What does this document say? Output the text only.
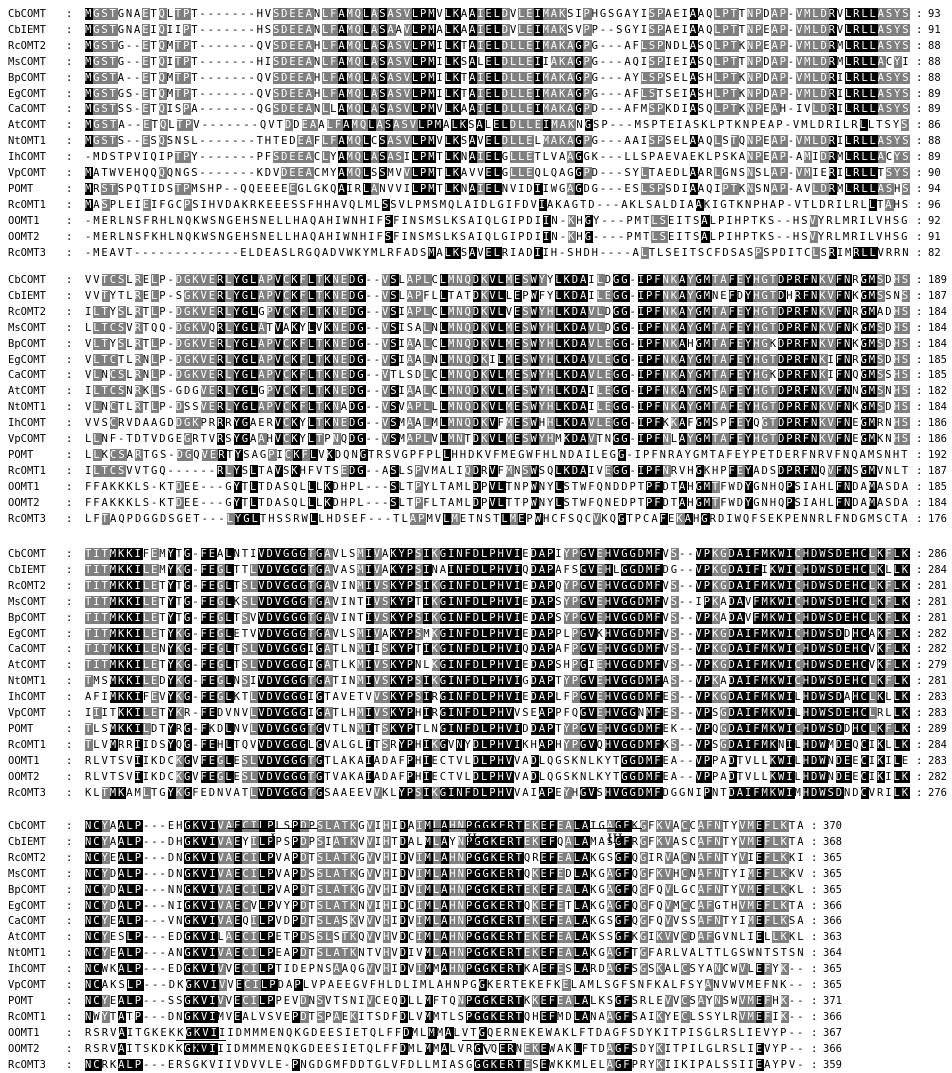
CbCOMT	: MGSTGNAETQLTPT-------HVSDEEANLFAMQLASASVLPMVLKAAIELDVLEIMAKSIPHGSGAYISPAEIAAQLPTTNPDAP-VMLDRVLRLLASYS : 93
CbIEMT	: MGSTGNAEIQIIPT-------HSSDEEANLFAMQLASAAVLPMALKAAIELDVLEIMAKSVPP--SGYISPAEIAAQLPTTNPEAP-VMLDRVLRLLASYS : 91
RcOMT2	: MGSTG--ETQMTPT-------QVSDEEAHLFAMQLASASVLPMILKTAIELDLLEIMAKAGPG---AFLSPNDLASQLPTKNPEAP-VMLDRMLRLLASYS : 88
MsCOMT	: MGSTG--ETQITPT-------HISDEEANLFAMQLASASVLPMILKSALELDLLEIIAKAGPG---AQISPIEIASQLPTTNPDAP-VMLDRMLRLLACYI : 88
BpCOMT	: MGSTA--ETQMTPT-------QVSDEEAHLFAMQLASASVLPMILKTAIELDLLEIMAKAGPG---AYLSPSELASHLPTKNPDAP-VMLDRILRLLASYS : 88
EgCOMT	: MGSTGS-ETQMTPT-------QVSDEEAHLFAMQLASASVLPMILKTAIELDLLEIMAKAGPG---AFLSTSEIASHLPTKNPDAP-VMLDRILRLLASYS : 89
CaCOMT	: MGSTSS-ETQISPA-------QGSDEEANLLAMQLASASVLPMVLKAAIELDLLEIMAKAGPD---AFMSPKDIASQLPTKNPEAH-IVLDRILRLLASYS : 89
AtCOMT	: MGSTA--ETQLTPV-------QVTDDEAALFAMQLASASVLPMALKSALELDLLEIMAKNGSP---MSPTEIASKLPTKNPEAP-VMLDRILRLLTSYS : 86
NtOMT1	: MGSTS--ESQSNSL-------THTEDEAFLFAMQLCSASVLPMVLKSAVELDLLELMAKAGPG---AAISPSELAAQLSTQNPEAP-VMLDRILRLLASYS : 88
IhCOMT	: -MDSTPVIQIPTPY-------PFSDEEACLYAMQLASASILPMTLKNAIELGLLETLVAAGGK---LLSPAEVAEKLPSKANPEAP-AMIDRMLRLLACYS : 89
VpCOMT	: MATWVEHQQQQNGS-------KDVDEEACMYAMQLSSMVVLPMTLKAVVELGLLEQLQAGGPD---SYLTAEDLAARLGNSNSLAP-VMIERILRLLTSYS : 90
POMT	: MRSTSPQTIDSTPMSHP--QQEEEEEGLGKQAIRLANVVILPMTLKNAIELNVIDIIWGAGDG---ESLSPSDIAAQIPTKNSNAP-AVLDRMLRLLASHS : 94
RcOMT1	: MASPLEIEIFGCPSIHVDAKRKEEESSFHHAVQLMLSSVLPMSMQLAIDLGIFDVIAKAGTD---AKLSALDIAAKIGTKNPHAP-VTLDRILRLLTAHS : 96
OOMT1	: -MERLNSFRHLNQKWSNGEHSNELLHAQAHIWNHIFSFINSMSLKSAIQLGIPDIIN-KHGY---PMTLSEITSALPIHPTKS--HSVYRLMRILVHSG : 92
OOMT2	: -MERLNSFKHLNQKWSNGEHSNELLHAQAHIWNHIFSFINSMSLKSAIQLGIPDIIN-KHG----PMTLSEITSALPIHPTKS--HSVYRLMRILVHSG : 91
RcOMT3	: -MEAVT-------------ELDEASLRGQADVWKYMLRFADSMALKSAVELRIADIIH-SHDH----ALTLSEITSCFDSASPSPDITCLSRIMRLLVRRN : 82
CbCOMT	: VVTCSLRELP-DGKVERLYGLAPVCKFLTKNEDG--VSLAPLCLMNQDKVLMESWYYLKDAILDGG-IPFNKAYGMTAFEYHGTDPRFNKVFNRGMSDHS : 189
CbIEMT	: VVTYTLRELP-SGKVERLYGLAPVCKFLTKNEDG--VSLAPFLLTATDKVLLEPWFYLKDAILEGG-IPFNKAYGMNEFDYHGTDHRFNKVFNKGMSSNS : 187
RcOMT2	: ILTYSLRTLP-DGKVERLYGLGPVCKFLTKNEDG--VSIAPLCLMNQDKVLVESWYHLKDAVLDGG-IPFNKAYGMTAFEYHGTDPRFNKVFNRGMADHS : 184
MsCOMT	: LLTCSVRTQQ-DGKVQRLYGLATVAKYLVKNEDG--VSISALNLMNQDKVLMESWYHLKDAVLDGG-IPFNKAYGMTAFEYHGTDPRFNKVFNKGMSDHS : 184
BpCOMT	: VLTYSLRTLP-DGKVERLYGLAPVCKFLTKNEDG--VSIAALCLMNQDKVLMESWYHLKDAVLEGG-IPFNKAHGMTAFEYHGKDPRFNKVFNKGMSDHS : 184
EgCOMT	: VLTCTLRNLP-DGKVERLYGLAPVCKFLTKNEDG--VSIAALNLMNQDKILMESWYHLKDAVLEGG-IPFNKAYGMTAFEYHGTDPRFNKIFNRGMSDHS : 185
CaCOMT	: VLNCSLRNLP-DGKVERLYGLAPVCKFLTKNEDG--VTLSDLCLMNQDKVLMESWYHLKDAVLEGG-IPFNKAYGMTAFEYHGKDPRFNKIFNQGMSSHS : 185
AtCOMT	: ILTCSNRKLS-GDGVERLYGLGPVCKFLTKNEDG--VSIAALCLMNQDKVLMESWYHLKDAILEGG-IPFNKAYGMSAFEYHGTDPRFNKVFNNGMSNHS : 182
NtOMT1	: VLNCTLRTLP-DSSVERLYGLAPVCKFLTKNADG--VSVAPLLLMNQDKVLMESWYHLKDAILEGG-IPFNKAYGMTAFEYHGTDPRFNKVFNKGMSDHS : 184
IhCOMT	: VVSCRVDAAGDDGKPRRRYGAERVCKYLTKNEDG--VSMAALMLMNQDKVFMESWHHLKDAVLEGG-IPFKKAFGMSPFEYQGTDPRFNKVFNEGMRNHS : 186
VpCOMT	: LLNF-TDTVDGEGRTVRSYGAAHVCKYLTPNQDG--VSMAPLVLMNTDKVLMESWYHMKDAVTNGG-IPFNLAYGMTAFEYHGTDPRFNKVFNEGMKNHS : 186
POMT	: LLKCSARTGS-DGQVERTYSAGPICKFLVKDQNGTRSVGPFPLLHHDKVFMEGWFHLNDAILEGG-IPFNRAYGMTAFEYPETDERFNRVFNQAMSNHT : 192
RcOMT1	: ILTCSVVTGQ------RLYSLTAVSKHFVTSEDG--ASLSPVMALIQDRVFMNSWSQLKDAIVEGG-IPFNRVHGKHPFEYADSDPRFNQVFNSGMVNLT : 187
OOMT1	: FFAKKKLS-KTDEE---GYTLTDASQLLLKDHPL---SLTPYLTAMLDPVLTNPWNYLSTWFQNDDPTPFDTAHGMTFWDYGNHQPSIAHLFNDAMASDA : 185
OOMT2	: FFAKKKLS-KTDEE---GYTLTDASQLLLKDHPL---SLTPFLTAMLDPVLTTPWNYLSTWFQNEDPTPFDTAHGMTFWDYGNHQPSIAHLFNDAMASDA : 184
RcOMT3	: LFTAQPDGGDSGET---LYGLTHSSRWLLHDSEF---TLAPMVLMETNSTLMEPWHCFSQCVKQGTPCAFEKAHGRDIWQFSEKPENNRLFNDGMSCTA : 176
CbCOMT	: TITMKKIFEMYTG-FEALNTIVDVGGGTGAVLSMIVAKYPSIKGINFDLPHVIEDAPIYPGVEHVGGDMFVS--VPKGDAIFMKWICHDWSDEHCLKFLK : 286
CbIEMT	: TITMKKILEMYKG-FEGLTTLVDVGGGTGAVASMIVAKYPSINAINFDLPHVIQDAPAFSGVEHLGGDMFDG--VPKGDAIFIKWICHDWSDEHCLKLLK : 284
RcOMT2	: TITMKKILETYTG-FEGLTSLVDVGGGTGAVINMIVSKYPSIKGINFDLPHVIEDAPQYPGVEHVGGDMFVS--VPKGDAIFMKWICHDWSDEHCLKFLK : 281
MsCOMT	: TITMKKILETYTG-FEGLKSLVDVGGGTGAVINTIVSKYPTIKGINFDLPHVIEDAPSYPGVEHVGGDMFVS--IPKADAVFMKWICHDWSDEHCLKFLK : 281
BpCOMT	: TITMKKILETYTG-FEGLTSVVDVGGGTGAVINTIVSKYPSIKGINFDLPHVIEDAPSYPGVEHVGGDMFVS--VPKADAVFMKWICHDWSDEHCLKFLK : 281
EgCOMT	: TITMKKILETYKG-FEGLETVVDVGGGTGAVLSMIVAKYPSMKGINFDLPHVIEDAPPLPGVKHVGGDMFVS--VPKGDAIFMKWICHDWSDDHCAKFLK : 282
CaCOMT	: TITMKKILENYKG-FEGLTSLVDVGGGIGATLNMIISKYPTIKGINFDLPHVIQDAPAFPGVEHVGGDMFVS--VPKGDAIFMKWICHDWSDEHCVKFLK : 282
AtCOMT	: TITMKKILETYKG-FEGLTSLVDVGGGIGATLKMIVSKYPNLKGINFDLPHVIEDAPSHPGIEHVGGDMFVS--VPKGDAIFMKWICHDWSDEHCVKFLK : 279
NtOMT1	: TMSMKKILEDYKG-FEGLNSIVDVGGGTGATINMIVSKYPSIKGINFDLPHVIGDAPTYPGVEHVGGDMFAS--VPKADAIFMKWICHDWSDEHCLKFLK : 281
IhCOMT	: AFIMKKIFEVYKG-FEGLKTLVDVGGGIGTAVETVVSKYPSIRGINFDLPHVIEDAPLFPGVEHVGGDMFES--VPKGDAIFMKWILHDWSDAHCLKLLK : 283
VpCOMT	: IIITKKILETYKR-FEDVNVLVDVGGGIGATLHMIVSKYPHIRGINFDLPHVVSEAPPFQGVEHVGGNMFES--VPSGDAIFMKWILHDWSDEHCLRLLK : 283
POMT	: TLSMKKILDTYRG-FKDLNVLVDVGGGTGVTLNMITSKYPTLNGINFDLPHVIDDAPTYPGVEHVGGDMFEK--VPQGDAIFMKWICHDWSDDHCLKFLK : 289
RcOMT1	: TLVMRRIIDSYQG-FEHLTQVVDVGGGLGVALGLITSRYPHIKGVNYDLPHVIKHAPHYPGVQHVGGDMFKS--VPSGDAIFMKNILHDWMDEQCIKLLK : 284
OOMT1	: RLVTSVIIKDCKGVFEGLESLVDVGGGTGTLAKAIADAFPHIECTVLDLPHVVADLQGSKNLKYTGGDMFEA--VPPADTVLLKWILHDWNDEECIKILE : 283
OOMT2	: RLVTSVIIKDCKGVFEGLESLVDVGGGTGTVAKAIADAFPHIECTVLDLPHVVADLQGSKNLKYTGGDMFEA--VPPADTVLLKWILHDWNDEECIKILK : 282
RcOMT3	: KLTMKAMLTGYKGFEDNVATLVDVGGGTGSAAEEVVKLYPSIKGINFDLPHVVAIAPEYHGVSHVGGDMFDGGNIPNTDAIFMKWIMHDWSDNDCVRILK : 276
CbCOMT	: NCYAALP---EHGKVIVAECILPLSPDPSLATKGVIHIDAIMLAHNPGGKERTEKEFEALAIGAGFKGFKVACCAFNTYVMEFLKTA : 370
CbIEMT	: NCYAALP---DHGKVIVAEYILPPSPDPSIATKVVIHTDALMLAYNPGGKERTEKEFQALAMASGFRGFKVASCAFNTYVMEFLKTA : 368
RcOMT2	: NCYEALP---DNGKVIVAECILPVAPDTSLATKGVVHIDVIMLAHNPGGKERTQREFEALAKGSGFQGIRVACNAFNTYVIEFLKKI : 365
MsCOMT	: NCYDALP---DNGKVIVAECILPVAPDSSLATKGVVHIDVIMLAHNPGGKERTQKEFEDLAKGAGFQGFKVHCNAFNTYIMEFLKKV : 365
BpCOMT	: NCYDALP---NNGKVIVAECILPVAPDTSLATKGVVHIDVIMLAHNPGGKERTEKEFEALAKGAGFQGFQVLGCAFNTYVMEFLKKL : 365
EgCOMT	: NCYDALP---NIGKVIVAECVLPVYPDTSLATKNVIHIDCIMLAHNPGGKERTQKEFETLAKGAGFQGFQVMCCAFGTHVMEFLKTA : 366
CaCOMT	: NCYEALP---VNGKVIVAEQILPVDPDTSLASKVVVHIDVIMLAHNPGGKERTEKEFEALAKGSGFQGFQVVSSAFNTYIMEFLKSA : 366
AtCOMT	: NCYESLP---EDGKVILAECILPETPDSSLSTKQVVHVDCIMLAHNPGGKERTEKEFEALAKSSGFKGIKVVCDAFGVNLIELLKKL : 363
NtOMT1	: NCYEALP---ANGKVIVAECILPEAPDTSLATKNTVHVDIVMLAHNPGGKERTEKEFEALAKGAGFTGFARLVALTTLGSWNTSTSN : 364
IhCOMT	: NCWKALP---EDGKVIVVECILPTIDEPNSAAQGVVHIDVIMMAHNPGGKERTKAEFESLARDAGFSGSKALCSYANCWVLEFYK-- : 365
VpCOMT	: NCAKSLP---DKGKVIVVECILPDAPLVPAEEGVFHLDLIMLAHNPGGKERTEKEFKELAMLSGFSNFKALFSYANVWVMEFNK-- : 365
POMT	: NCYEALP---SSGKVIVVECILPPEVDNSVTSNIVCEQDLLMFTQNPGGKERTKKEFEALALKSGFSRLEVVCSAYNSWVMEFHK-- : 371
RcOMT1	: NWYTATP---DNGKVIMVEALVSVEPDTSPAEKITSDFDLVMMTLSPGGKERTQHEFMDLANAAGFSAIKYECLSSYLRVMEFIK-- : 366
OOMT1	: RSRVAITGKEKKGKVIIIDMMMENQKGDEESIETQLFFDMLMMALVTGQERNEKEWAKLFTDAGFSDYKITPISGLRSLIEVYP-- : 367
OOMT2	: RSRVAITSKDKKGKVIIIDMMMENQKGDEESIETQLFFDMLMMALVRG-QERNEKEWAKLFTDAGFSDYKITPILGLRSLIEVYP-- : 366
RcOMT3	: NCRKALP---ERSGKVIIVDVVLE-PNGDGMFDDTGLVFDLLMIASGGGKERTESEWKKMLELAGFPRYKIIKIPALSSIIEAYPV- : 359
I	II	III
IV	V
